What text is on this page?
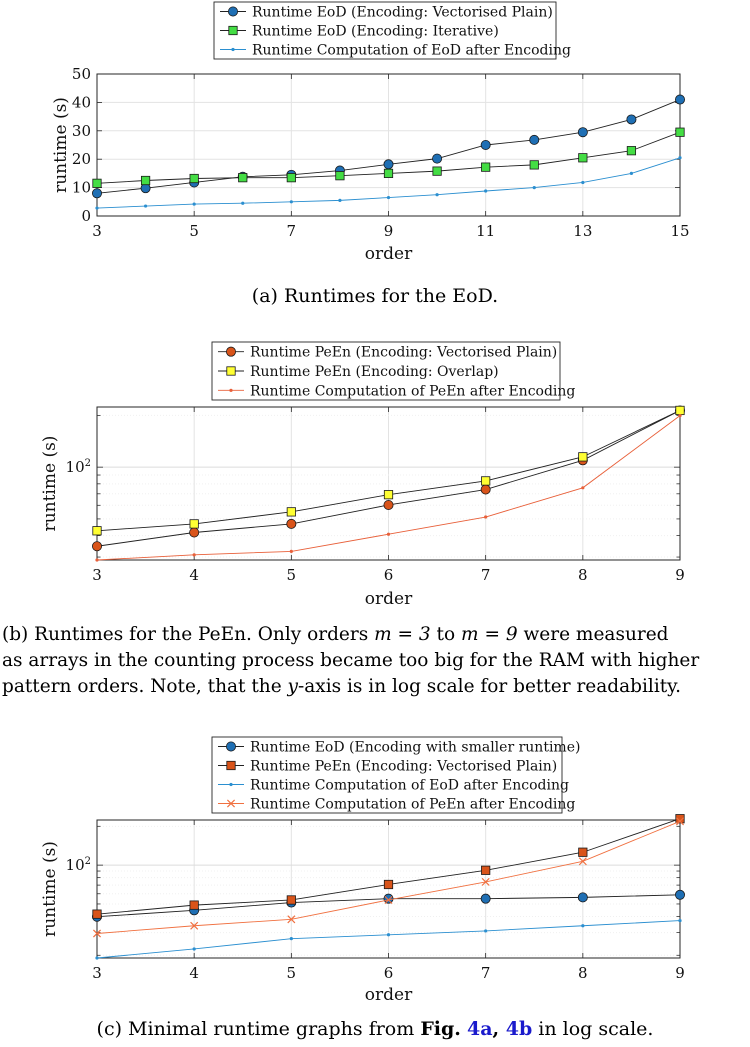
3	5	7	9	11	13	15
0
10
20
30
40
50
order
runtime (s)
Runtime EoD (Encoding: Vectorised Plain)
Runtime EoD (Encoding: Iterative)
Runtime Computation of EoD after Encoding
3	4	5	6	7	8	9
$10^2$
order
runtime (s)
Runtime PeEn (Encoding: Vectorised Plain)
Runtime PeEn (Encoding: Overlap)
Runtime Computation of PeEn after Encoding
3	4	5	6	7	8	9
$10^2$
order
runtime (s)
Runtime EoD (Encoding with smaller runtime)
Runtime PeEn (Encoding: Vectorised Plain)
Runtime Computation of EoD after Encoding
Runtime Computation of PeEn after Encoding
(a) Runtimes for the EoD.
(b) Runtimes for the PeEn. Only orders m = 3 to m = 9 were measured
as arrays in the counting process became too big for the RAM with higher
pattern orders. Note, that the y-axis is in log scale for better readability.
(c) Minimal runtime graphs from Fig. 4a, 4b in log scale.
